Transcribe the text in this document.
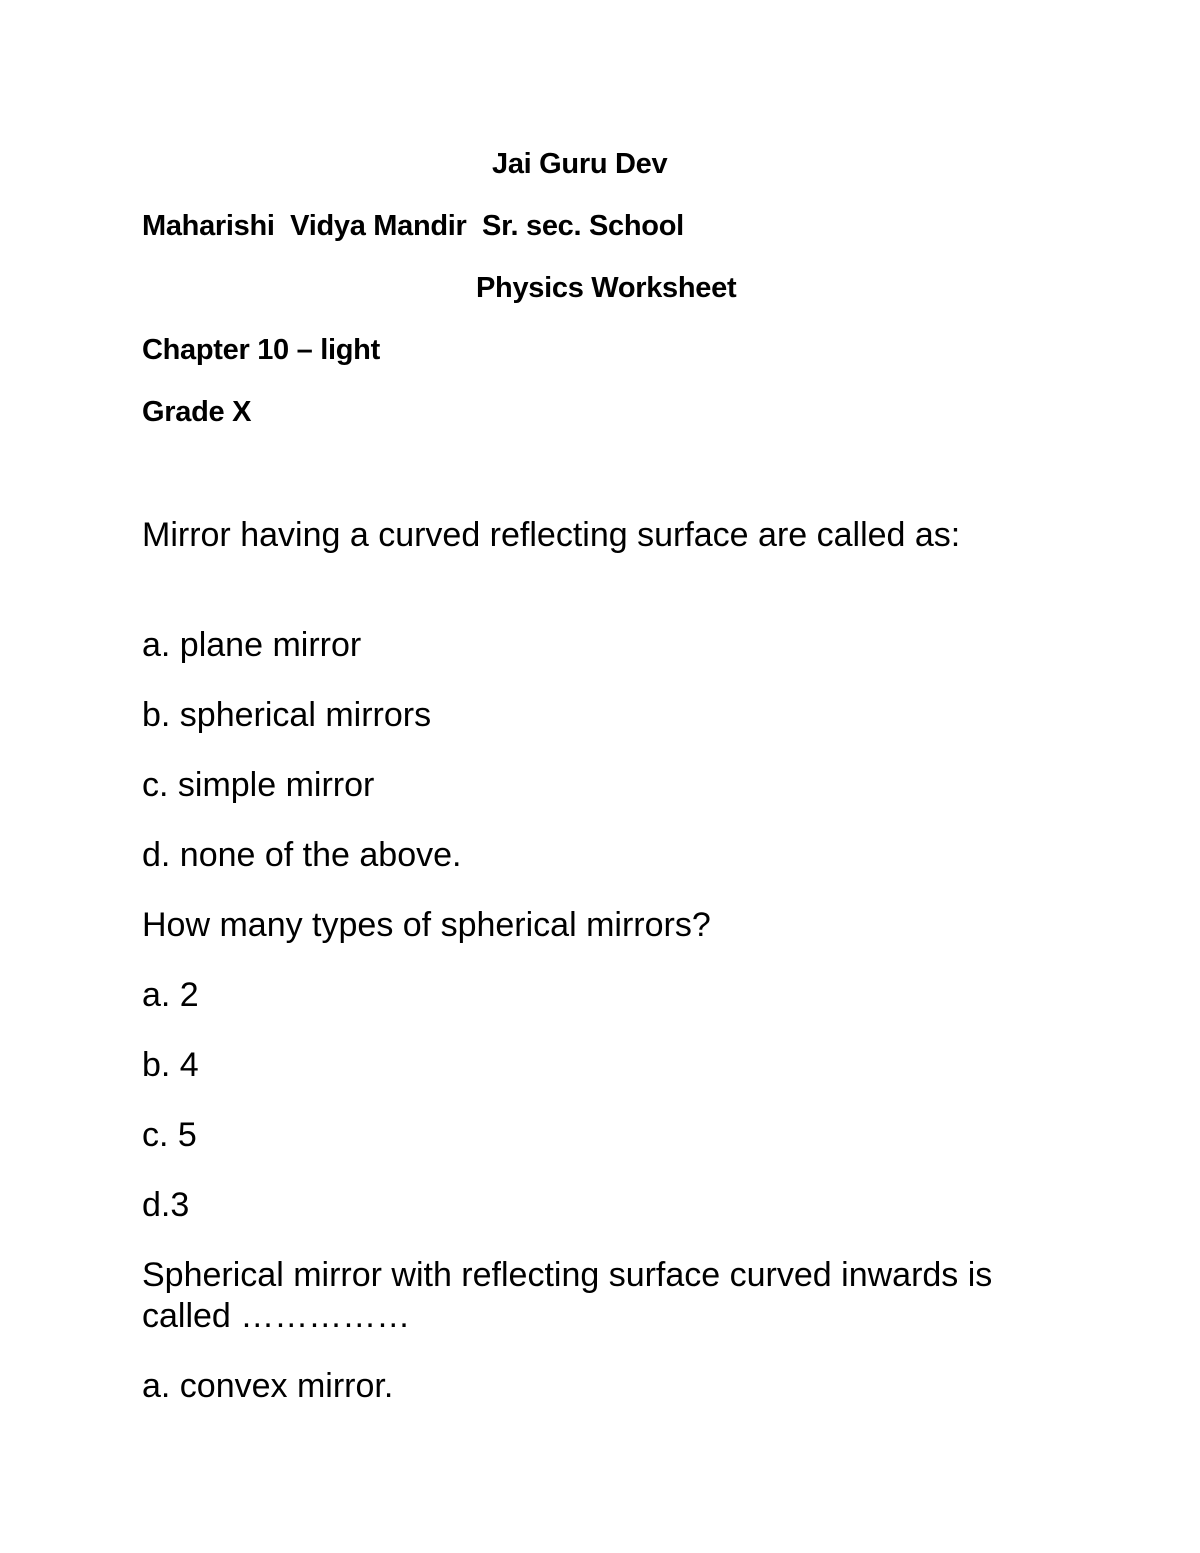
Jai Guru Dev
Maharishi  Vidya Mandir  Sr. sec. School
Physics Worksheet
Chapter 10 – light
Grade X
Mirror having a curved reflecting surface are called as:
a. plane mirror
b. spherical mirrors
c. simple mirror
d. none of the above.
How many types of spherical mirrors?
a. 2
b. 4
c. 5
d.3
Spherical mirror with reflecting surface curved inwards is called ……………
a. convex mirror.
